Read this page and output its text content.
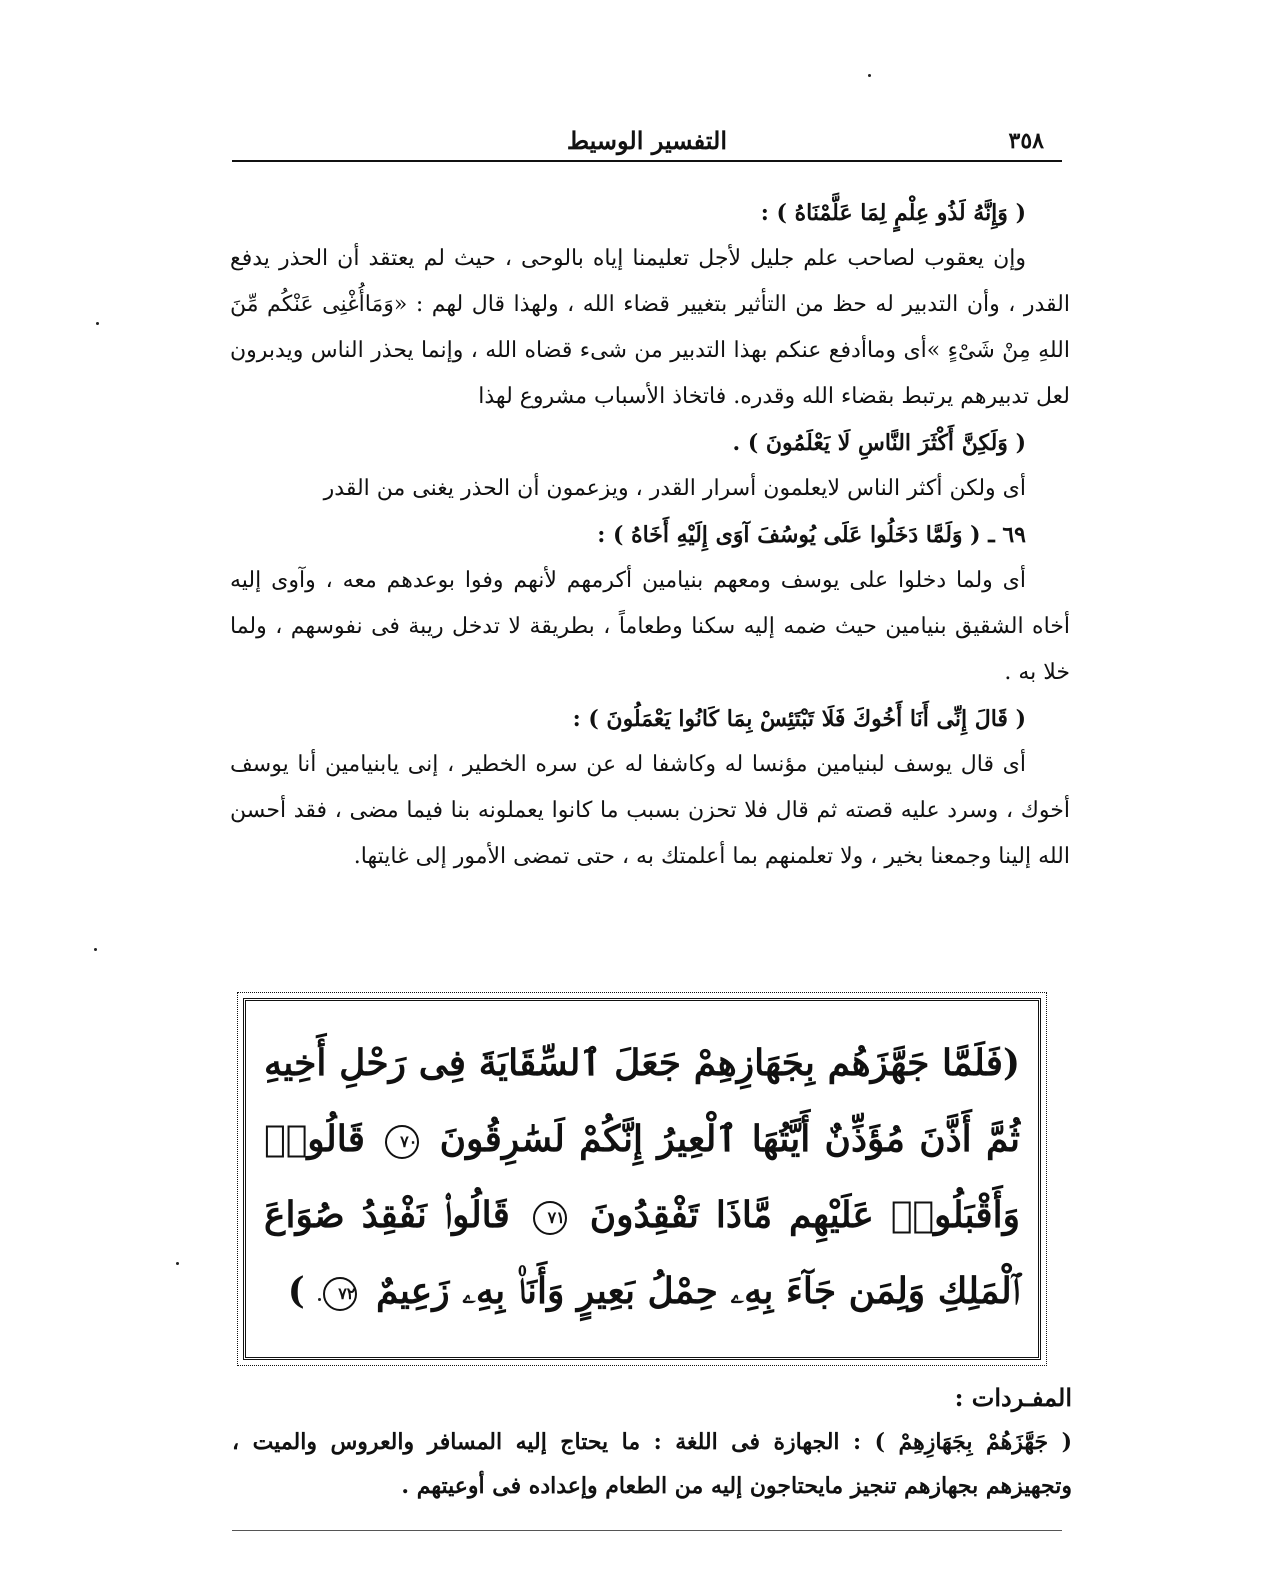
٣٥٨
التفسير الوسيط

( وَإِنَّهُ لَذُو عِلْمٍ لِمَا عَلَّمْنَاهُ ) :

وإن يعقوب لصاحب علم جليل لأجل تعليمنا إياه بالوحى ، حيث لم يعتقد أن الحذر يدفع القدر ، وأن التدبير له حظ من التأثير بتغيير قضاء الله ، ولهذا قال لهم : «وَمَاأُغْنِى عَنْكُم مِّنَ اللهِ مِنْ شَىْءٍ »أى وماأدفع عنكم بهذا التدبير من شىء قضاه الله ، وإنما يحذر الناس ويدبرون لعل تدبيرهم يرتبط بقضاء الله وقدره. فاتخاذ الأسباب مشروع لهذا

( وَلَكِنَّ أَكْثَرَ النَّاسِ لَا يَعْلَمُونَ ) .

أى ولكن أكثر الناس لايعلمون أسرار القدر ، ويزعمون أن الحذر يغنى من القدر

٦٩ ـ ( وَلَمَّا دَخَلُوا عَلَى يُوسُفَ آوَى إِلَيْهِ أَخَاهُ ) :

أى ولما دخلوا على يوسف ومعهم بنيامين أكرمهم لأنهم وفوا بوعدهم معه ، وآوى إليه أخاه الشقيق بنيامين حيث ضمه إليه سكنا وطعاماً ، بطريقة لا تدخل ريبة فى نفوسهم ، ولما خلا به .

( قَالَ إِنِّى أَنَا أَخُوكَ فَلَا تَبْتَئِسْ بِمَا كَانُوا يَعْمَلُونَ ) :

أى قال يوسف لبنيامين مؤنسا له وكاشفا له عن سره الخطير ، إنى يابنيامين أنا يوسف أخوك ، وسرد عليه قصته ثم قال فلا تحزن بسبب ما كانوا يعملونه بنا فيما مضى ، فقد أحسن الله إلينا وجمعنا بخير ، ولا تعلمنهم بما أعلمتك به ، حتى تمضى الأمور إلى غايتها.

(فَلَمَّا جَهَّزَهُم بِجَهَازِهِمْ جَعَلَ ٱلسِّقَايَةَ فِى رَحْلِ أَخِيهِ ثُمَّ أَذَّنَ مُؤَذِّنٌ أَيَّتُهَا ٱلْعِيرُ إِنَّكُمْ لَسَٰرِقُونَ ٧٠ قَالُوا۟ وَأَقْبَلُوا۟ عَلَيْهِم مَّاذَا تَفْقِدُونَ ٧١ قَالُوا۟ نَفْقِدُ صُوَاعَ ٱلْمَلِكِ وَلِمَن جَآءَ بِهِۦ حِمْلُ بَعِيرٍ وَأَنَا۠ بِهِۦ زَعِيمٌ ٧٢ )

المفـردات :

( جَهَّزَهُمْ بِجَهَازِهِمْ ) : الجهازة فى اللغة : ما يحتاج إليه المسافر والعروس والميت ، وتجهيزهم بجهازهم تنجيز مايحتاجون إليه من الطعام وإعداده فى أوعيتهم .
